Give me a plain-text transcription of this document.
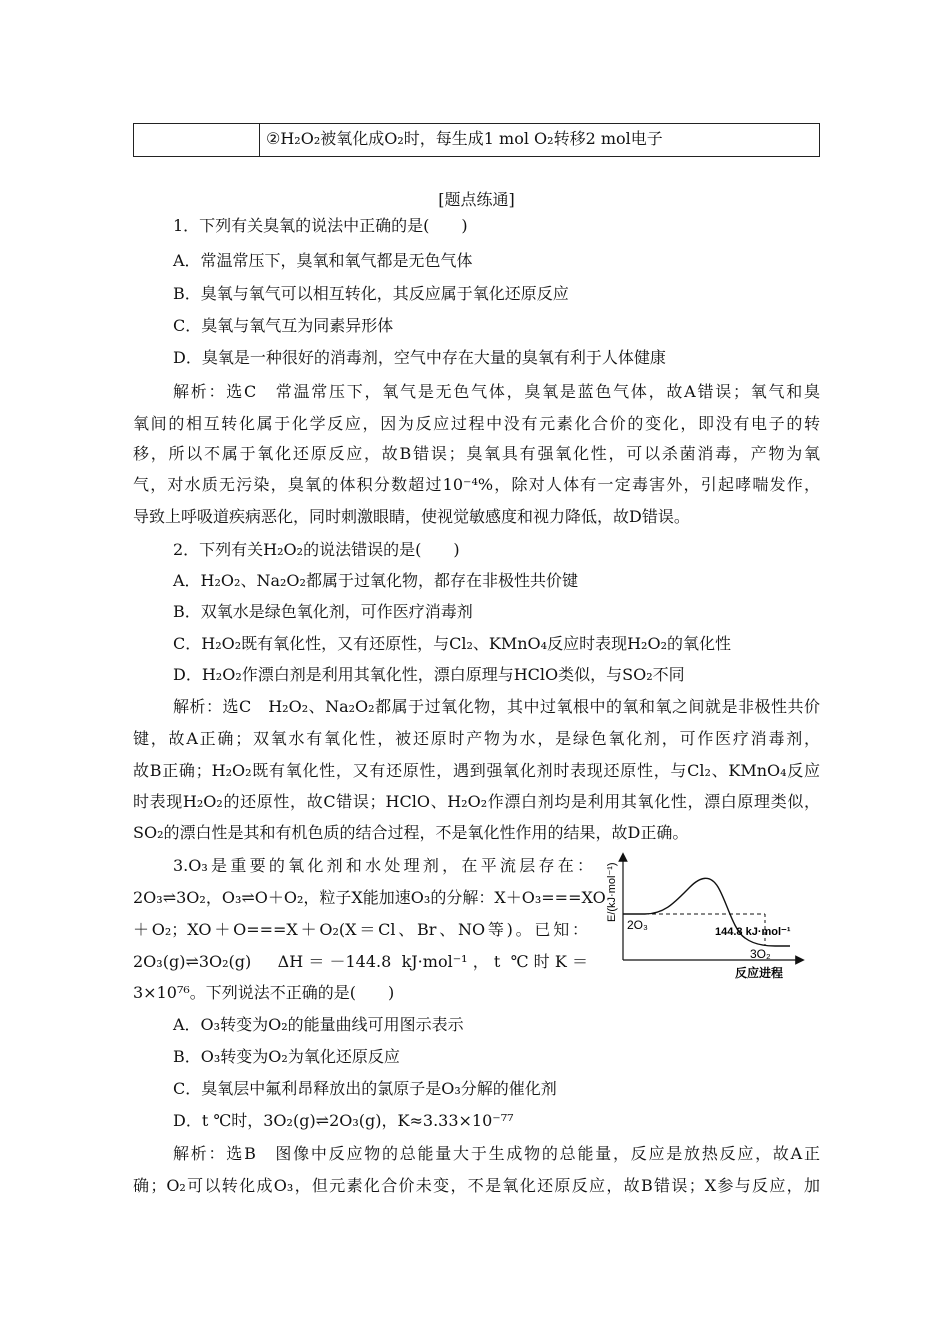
②H₂O₂被氧化成O₂时，每生成1 mol O₂转移2 mol电子
[题点练通]
1．下列有关臭氧的说法中正确的是(　　)
A．常温常压下，臭氧和氧气都是无色气体
B．臭氧与氧气可以相互转化，其反应属于氧化还原反应
C．臭氧与氧气互为同素异形体
D．臭氧是一种很好的消毒剂，空气中存在大量的臭氧有利于人体健康
解析：选C　常温常压下，氧气是无色气体，臭氧是蓝色气体，故A错误；氧气和臭
氧间的相互转化属于化学反应，因为反应过程中没有元素化合价的变化，即没有电子的转
移，所以不属于氧化还原反应，故B错误；臭氧具有强氧化性，可以杀菌消毒，产物为氧
气，对水质无污染，臭氧的体积分数超过10⁻⁴%，除对人体有一定毒害外，引起哮喘发作，
导致上呼吸道疾病恶化，同时刺激眼睛，使视觉敏感度和视力降低，故D错误。
2．下列有关H₂O₂的说法错误的是(　　)
A．H₂O₂、Na₂O₂都属于过氧化物，都存在非极性共价键
B．双氧水是绿色氧化剂，可作医疗消毒剂
C．H₂O₂既有氧化性，又有还原性，与Cl₂、KMnO₄反应时表现H₂O₂的氧化性
D．H₂O₂作漂白剂是利用其氧化性，漂白原理与HClO类似，与SO₂不同
解析：选C　H₂O₂、Na₂O₂都属于过氧化物，其中过氧根中的氧和氧之间就是非极性共价
键，故A正确；双氧水有氧化性，被还原时产物为水，是绿色氧化剂，可作医疗消毒剂，
故B正确；H₂O₂既有氧化性，又有还原性，遇到强氧化剂时表现还原性，与Cl₂、KMnO₄反应
时表现H₂O₂的还原性，故C错误；HClO、H₂O₂作漂白剂均是利用其氧化性，漂白原理类似，
SO₂的漂白性是其和有机色质的结合过程，不是氧化性作用的结果，故D正确。
3.O₃是重要的氧化剂和水处理剂，在平流层存在：
2O₃⇌3O₂，O₃⇌O＋O₂，粒子X能加速O₃的分解：X＋O₃===XO
＋O₂；XO＋O===X＋O₂(X＝Cl、Br、NO等)。已知：
2O₃(g)⇌3O₂(g)　ΔH＝－144.8 kJ·mol⁻¹，t ℃时K＝
3×10⁷⁶。下列说法不正确的是(　　)
A．O₃转变为O₂的能量曲线可用图示表示
B．O₃转变为O₂为氧化还原反应
C．臭氧层中氟利昂释放出的氯原子是O₃分解的催化剂
D．t ℃时，3O₂(g)⇌2O₃(g)，K≈3.33×10⁻⁷⁷
解析：选B　图像中反应物的总能量大于生成物的总能量，反应是放热反应，故A正
确；O₂可以转化成O₃，但元素化合价未变，不是氧化还原反应，故B错误；X参与反应，加
E/(kJ·mol⁻¹)
反应进程
2O₃
3O₂
144.8 kJ·mol⁻¹
